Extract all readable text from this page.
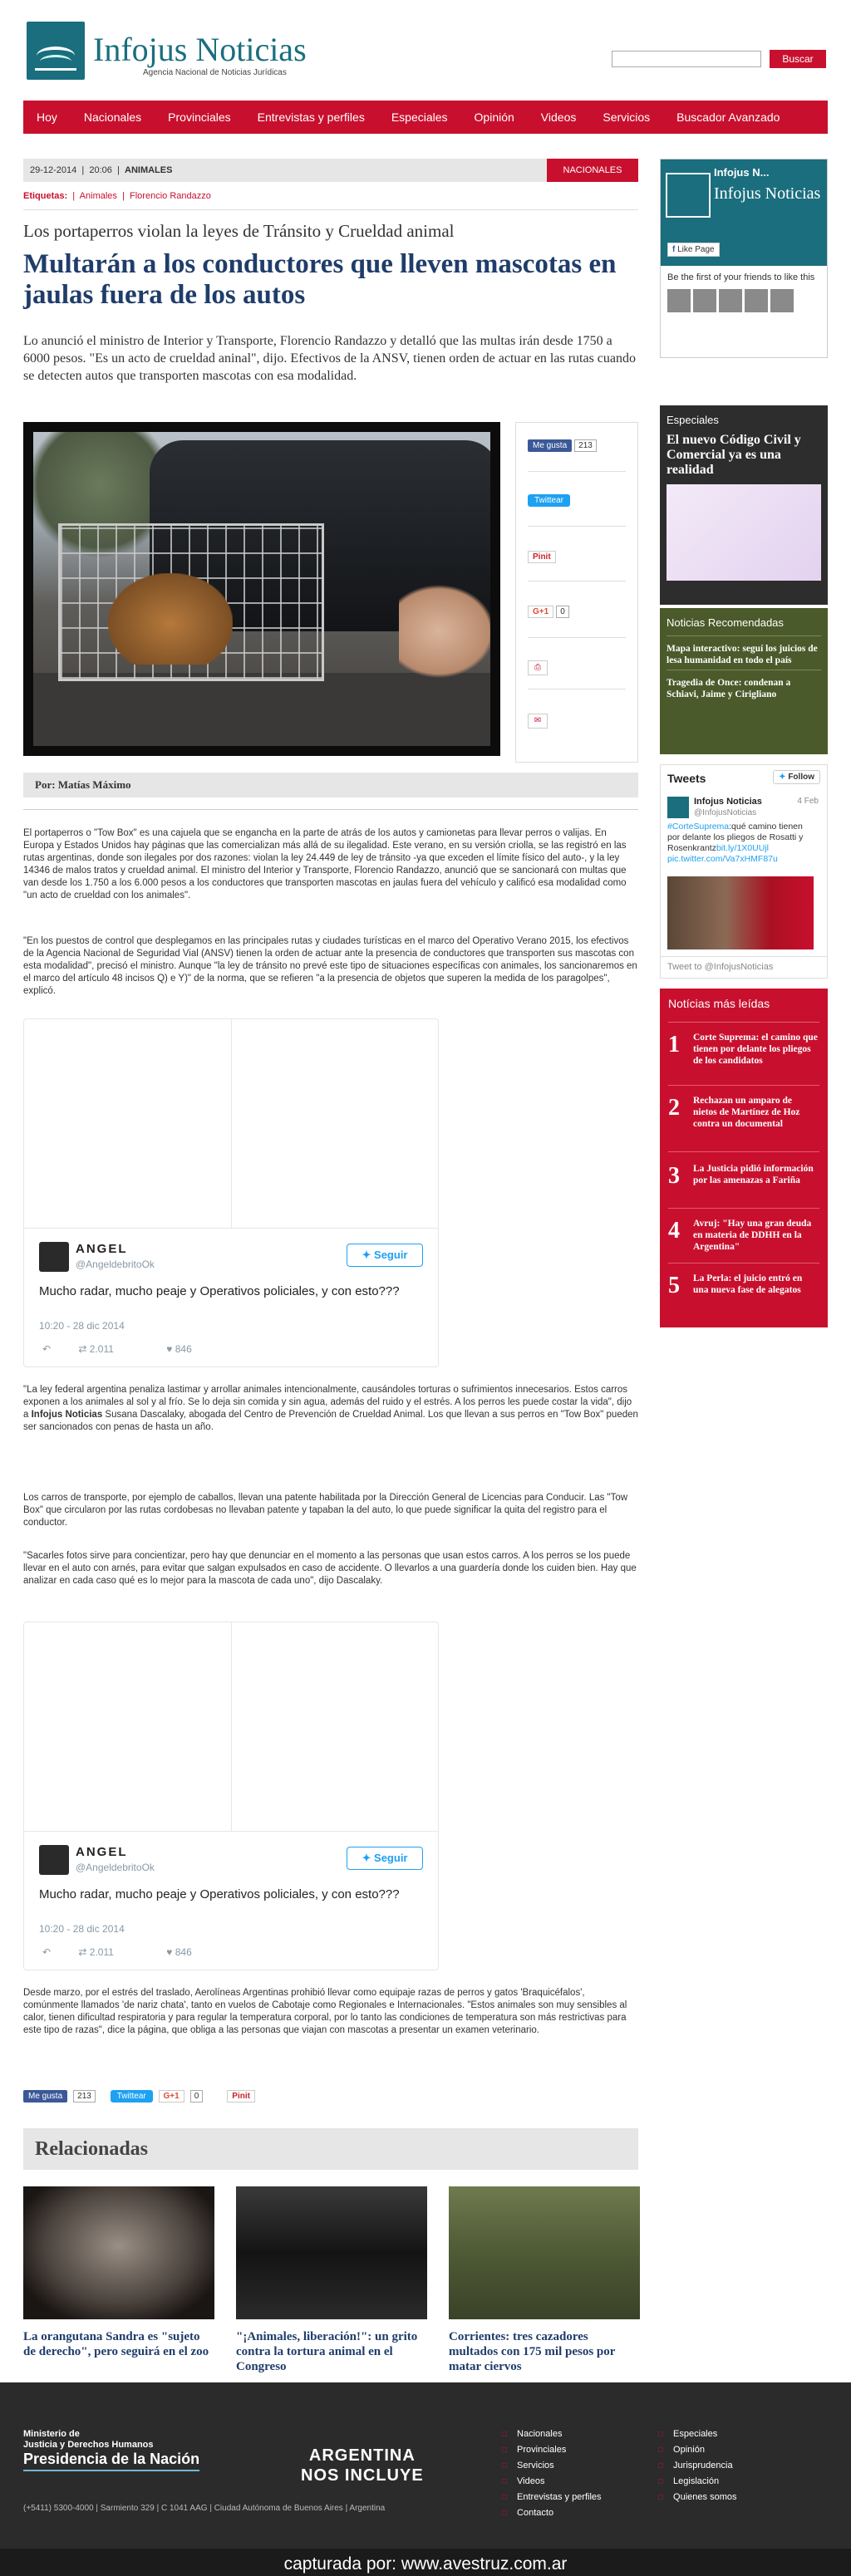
Infojus Noticias
Agencia Nacional de Noticias Jurídicas
Buscar
Hoy Nacionales Provinciales Entrevistas y perfiles Especiales Opinión Videos Servicios Buscador Avanzado
29-12-2014  |  20:06  |  ANIMALES	NACIONALES
Etiquetas:  |  Animales  |  Florencio Randazzo
Los portaperros violan la leyes de Tránsito y Crueldad animal
Multarán a los conductores que lleven mascotas en jaulas fuera de los autos
Lo anunció el ministro de Interior y Transporte, Florencio Randazzo y detalló que las multas irán desde 1750 a 6000 pesos. "Es un acto de crueldad aninal", dijo. Efectivos de la ANSV, tienen orden de actuar en las rutas cuando se detecten autos que transporten mascotas con esa modalidad.
Me gusta 213
Twittear
Pinit
G+1 0
⎙
✉
Por: Matías Máximo
El portaperros o "Tow Box" es una cajuela que se engancha en la parte de atrás de los autos y camionetas para llevar perros o valijas. En Europa y Estados Unidos hay páginas que las comercializan más allá de su ilegalidad. Este verano, en su versión criolla, se las registró en las rutas argentinas, donde son ilegales por dos razones: violan la ley 24.449 de ley de tránsito -ya que exceden el límite físico del auto-, y la ley 14346 de malos tratos y crueldad animal. El ministro del Interior y Transporte, Florencio Randazzo, anunció que se sancionará con multas que van desde los 1.750 a los 6.000 pesos a los conductores que transporten mascotas en jaulas fuera del vehículo y calificó esa modalidad como "un acto de crueldad con los animales".
"En los puestos de control que desplegamos en las principales rutas y ciudades turísticas en el marco del Operativo Verano 2015, los efectivos de la Agencia Nacional de Seguridad Vial (ANSV) tienen la orden de actuar ante la presencia de conductores que transporten sus mascotas con esta modalidad", precisó el ministro. Aunque "la ley de tránsito no prevé este tipo de situaciones específicas con animales, los sancionaremos en el marco del artículo 48 incisos Q) e Y)" de la norma, que se refieren "a la presencia de objetos que superen la medida de los paragolpes", explicó.
ANGEL
@AngeldebritoOk
✦ Seguir
Mucho radar, mucho peaje y Operativos policiales, y con esto???
10:20 - 28 dic 2014
↶	⇄ 2.011	♥ 846
"La ley federal argentina penaliza lastimar y arrollar animales intencionalmente, causándoles torturas o sufrimientos innecesarios. Estos carros exponen a los animales al sol y al frío. Se lo deja sin comida y sin agua, además del ruido y el estrés. A los perros les puede costar la vida", dijo a Infojus Noticias Susana Dascalaky, abogada del Centro de Prevención de Crueldad Animal. Los que llevan a sus perros en "Tow Box" pueden ser sancionados con penas de hasta un año.
Los carros de transporte, por ejemplo de caballos, llevan una patente habilitada por la Dirección General de Licencias para Conducir. Las "Tow Box" que circularon por las rutas cordobesas no llevaban patente y tapaban la del auto, lo que puede significar la quita del registro para el conductor.
"Sacarles fotos sirve para concientizar, pero hay que denunciar en el momento a las personas que usan estos carros. A los perros se los puede llevar en el auto con arnés, para evitar que salgan expulsados en caso de accidente. O llevarlos a una guardería donde los cuiden bien. Hay que analizar en cada caso qué es lo mejor para la mascota de cada uno", dijo Dascalaky.
ANGEL
@AngeldebritoOk
✦ Seguir
Mucho radar, mucho peaje y Operativos policiales, y con esto???
10:20 - 28 dic 2014
↶	⇄ 2.011	♥ 846
Desde marzo, por el estrés del traslado, Aerolíneas Argentinas prohibió llevar como equipaje razas de perros y gatos 'Braquicéfalos', comúnmente llamados 'de nariz chata', tanto en vuelos de Cabotaje como Regionales e Internacionales. "Estos animales son muy sensibles al calor, tienen dificultad respiratoria y para regular la temperatura corporal, por lo tanto las condiciones de temperatura son más restrictivas para este tipo de razas", dice la página, que obliga a las personas que viajan con mascotas a presentar un examen veterinario.
Me gusta 213	Twittear G+1 0	Pinit
Relacionadas
La orangutana Sandra es "sujeto de derecho", pero seguirá en el zoo
"¡Animales, liberación!": un grito contra la tortura animal en el Congreso
Corrientes: tres cazadores multados con 175 mil pesos por matar ciervos
Infojus N...
Infojus Noticias
f Like Page
Be the first of your friends to like this
Especiales
El nuevo Código Civil y Comercial ya es una realidad
Noticias Recomendadas
Mapa interactivo: seguí los juicios de lesa humanidad en todo el país
Tragedia de Once: condenan a Schiavi, Jaime y Cirigliano
Tweets	✦ Follow
Infojus Noticias
@InfojusNoticias
4 Feb
#CorteSuprema:qué camino tienen por delante los pliegos de Rosatti y Rosenkrantzbit.ly/1X0UUjl pic.twitter.com/Va7xHMF87u
Tweet to @InfojusNoticias
Notícias más leídas
1 Corte Suprema: el camino que tienen por delante los pliegos de los candidatos
2 Rechazan un amparo de nietos de Martínez de Hoz contra un documental
3 La Justicia pidió información por las amenazas a Fariña
4 Avruj: "Hay una gran deuda en materia de DDHH en la Argentina"
5 La Perla: el juicio entró en una nueva fase de alegatos
Ministerio de
Justicia y Derechos Humanos
Presidencia de la Nación	ARGENTINA
NOS INCLUYE
(+5411) 5300-4000 | Sarmiento 329 | C 1041 AAG | Ciudad Autónoma de Buenos Aires | Argentina
□ Nacionales
□ Provinciales
□ Servicios
□ Videos
□ Entrevistas y perfiles
□ Contacto
□ Especiales
□ Opinión
□ Jurisprudencia
□ Legislación
□ Quienes somos
capturada por: www.avestruz.com.ar
